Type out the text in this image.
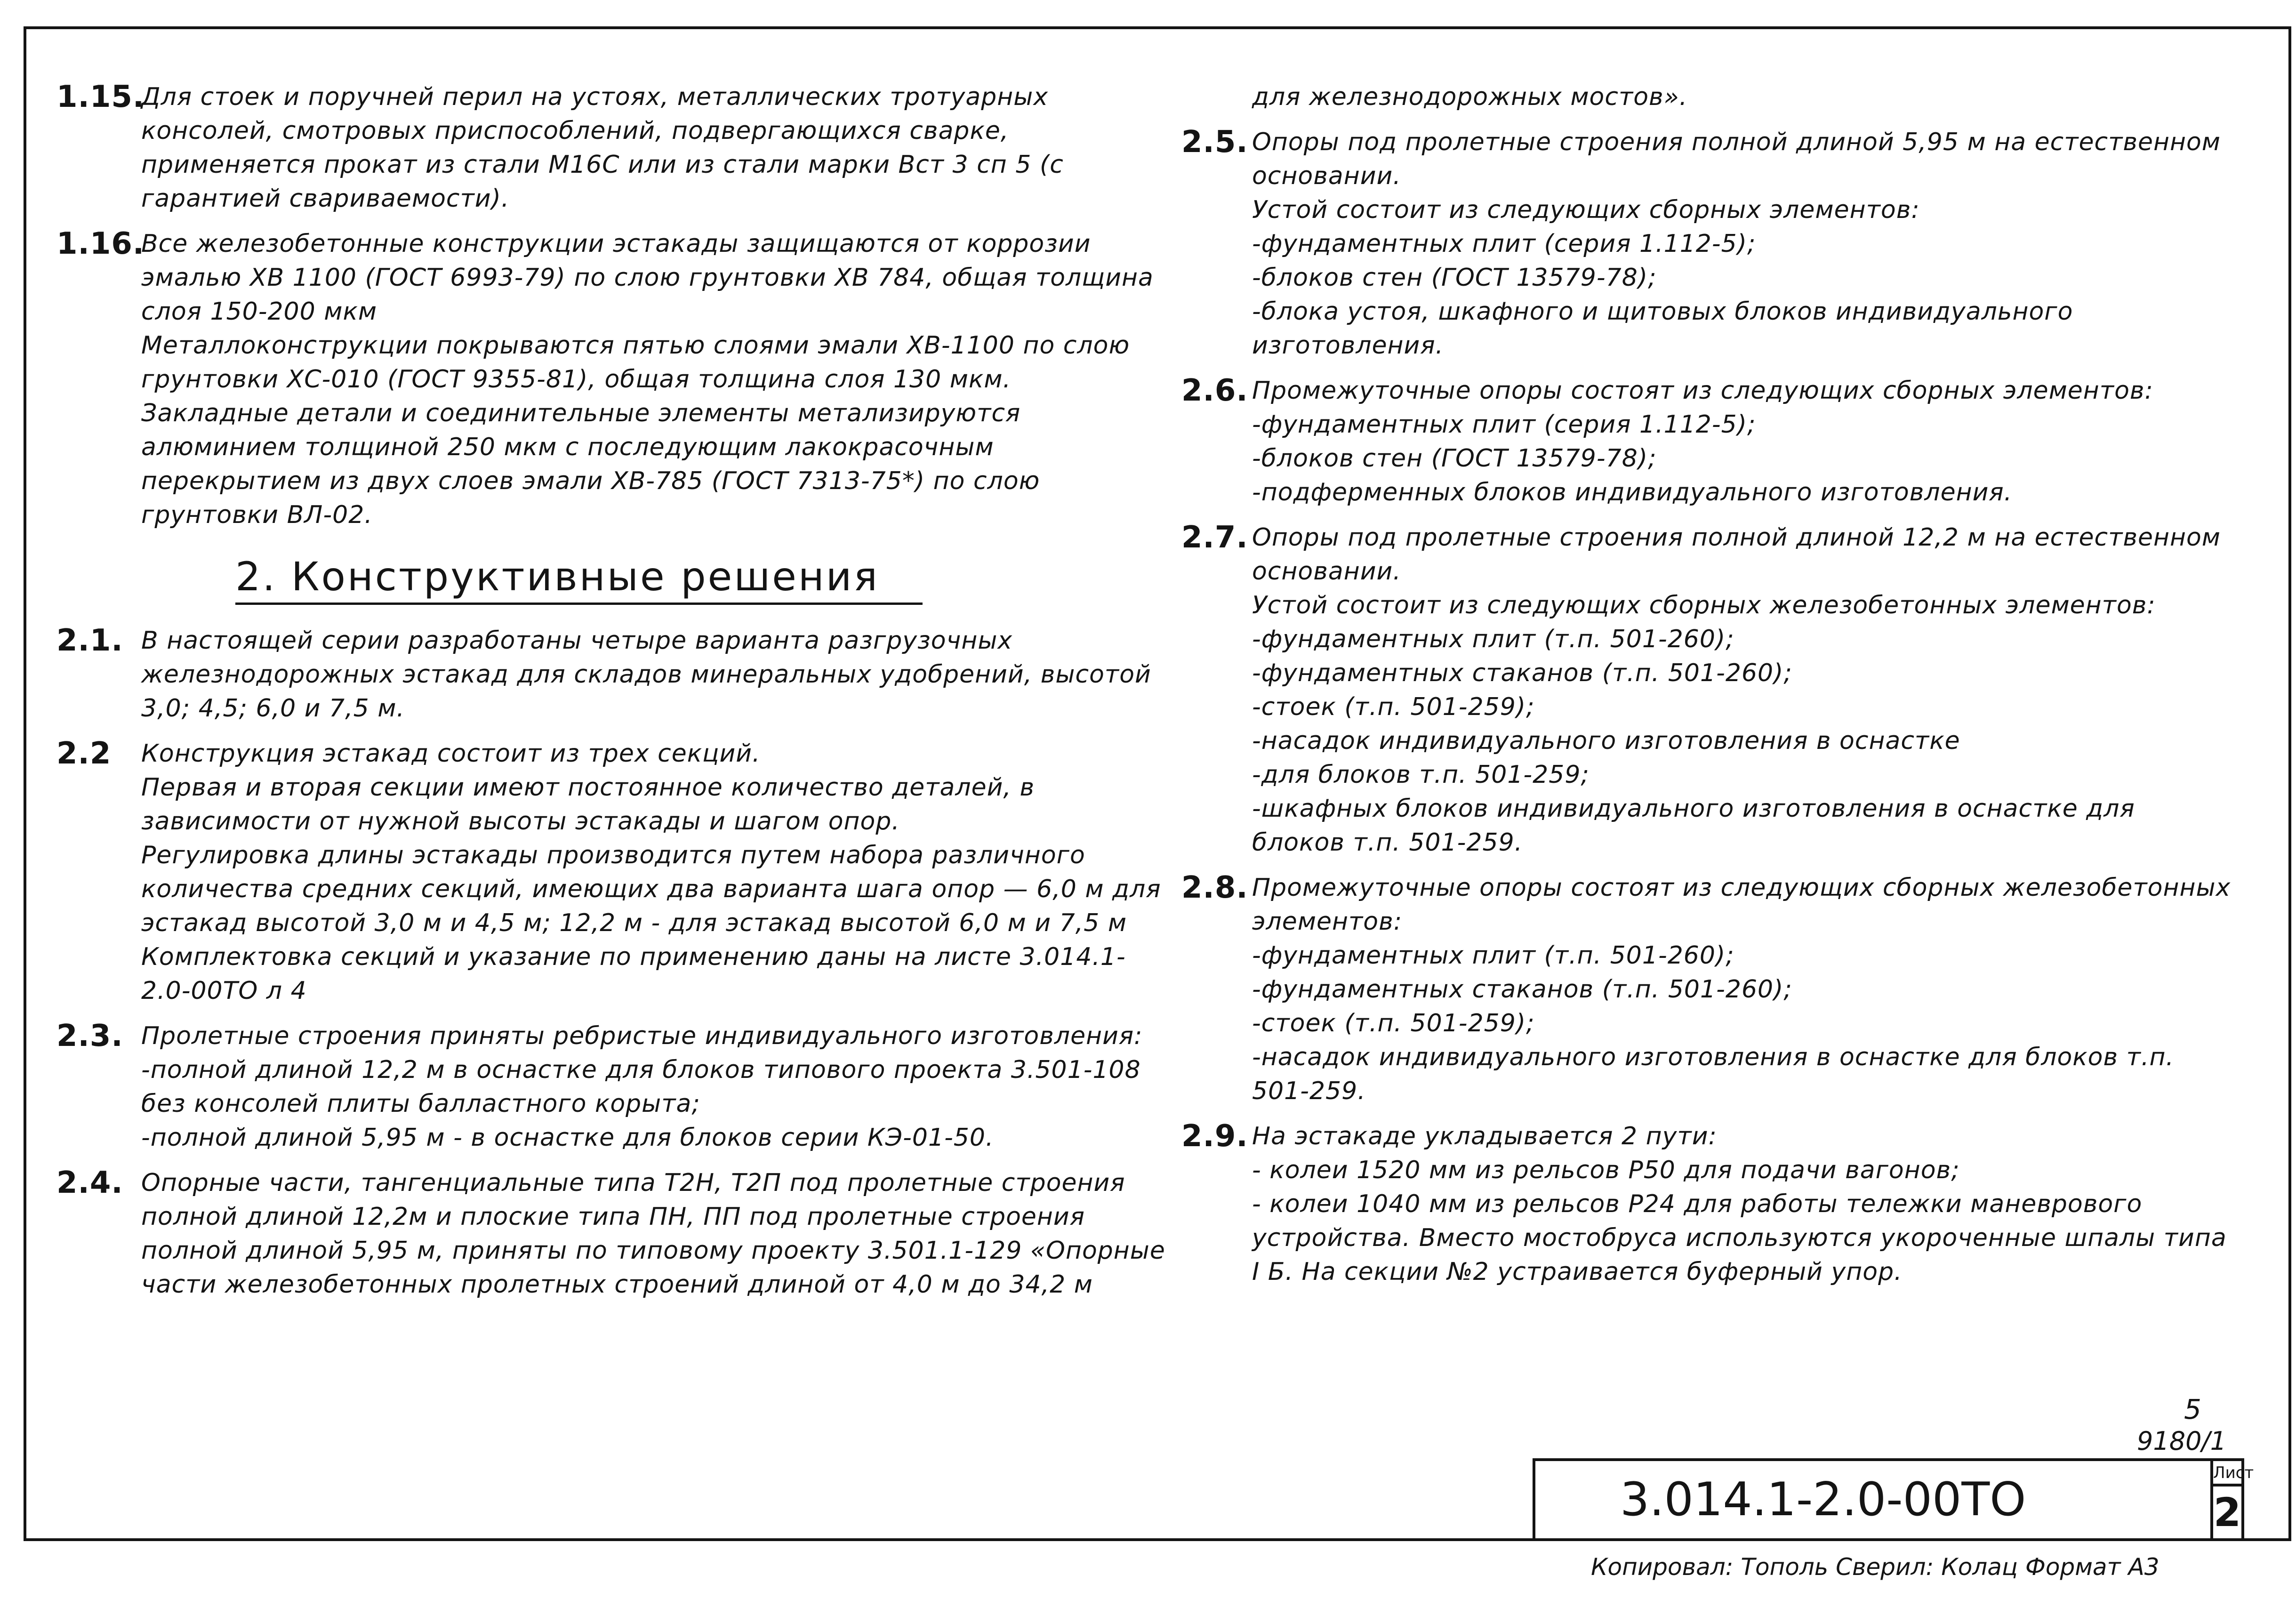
1.15.
Для стоек и поручней перил на устоях, металлических тротуарных консолей, смотровых приспособлений, подвергающихся сварке, применяется прокат из стали М16С или из стали марки Вст 3 сп 5 (с гарантией свариваемости).
1.16.
Все железобетонные конструкции эстакады защищаются от коррозии эмалью ХВ 1100 (ГОСТ 6993-79) по слою грунтовки ХВ 784, общая толщина слоя 150-200 мкм
Металлоконструкции покрываются пятью слоями эмали ХВ-1100 по слою грунтовки ХС-010 (ГОСТ 9355-81), общая толщина слоя 130 мкм.
Закладные детали и соединительные элементы метализируются алюминием толщиной 250 мкм с последующим лакокрасочным перекрытием из двух слоев эмали ХВ-785 (ГОСТ 7313-75*) по слою грунтовки ВЛ-02.
2. Конструктивные решения
2.1. В настоящей серии разработаны четыре варианта разгрузочных железнодорожных эстакад для складов минеральных удобрений, высотой 3,0; 4,5; 6,0 и 7,5 м.
2.2 Конструкция эстакад состоит из трех секций.
Первая и вторая секции имеют постоянное количество деталей, в зависимости от нужной высоты эстакады и шагом опор.
Регулировка длины эстакады производится путем набора различного количества средних секций, имеющих два варианта шага опор — 6,0 м для эстакад высотой 3,0 м и 4,5 м; 12,2 м - для эстакад высотой 6,0 м и 7,5 м
Комплектовка секций и указание по применению даны на листе 3.014.1-2.0-00ТО л 4
2.3. Пролетные строения приняты ребристые индивидуального изготовления:
-полной длиной 12,2 м в оснастке для блоков типового проекта 3.501-108 без консолей плиты балластного корыта;
-полной длиной 5,95 м - в оснастке для блоков серии КЭ-01-50.
2.4. Опорные части, тангенциальные типа Т2Н, Т2П под пролетные строения полной длиной 12,2м и плоские типа ПН, ПП под пролетные строения полной длиной 5,95 м, приняты по типовому проекту 3.501.1-129 «Опорные части железобетонных пролетных строений длиной от 4,0 м до 34,2 м
для железнодорожных мостов».
2.5. Опоры под пролетные строения полной длиной 5,95 м на естественном основании.
Устой состоит из следующих сборных элементов:
-фундаментных плит (серия 1.112-5);
-блоков стен (ГОСТ 13579-78);
-блока устоя, шкафного и щитовых блоков индивидуального изготовления.
2.6. Промежуточные опоры состоят из следующих сборных элементов:
-фундаментных плит (серия 1.112-5);
-блоков стен (ГОСТ 13579-78);
-подферменных блоков индивидуального изготовления.
2.7. Опоры под пролетные строения полной длиной 12,2 м на естественном основании.
Устой состоит из следующих сборных железобетонных элементов:
-фундаментных плит (т.п. 501-260);
-фундаментных стаканов (т.п. 501-260);
-стоек (т.п. 501-259);
-насадок индивидуального изготовления в оснастке
-для блоков т.п. 501-259;
-шкафных блоков индивидуального изготовления в оснастке для блоков т.п. 501-259.
2.8. Промежуточные опоры состоят из следующих сборных железобетонных элементов:
-фундаментных плит (т.п. 501-260);
-фундаментных стаканов (т.п. 501-260);
-стоек (т.п. 501-259);
-насадок индивидуального изготовления в оснастке для блоков т.п. 501-259.
2.9. На эстакаде укладывается 2 пути:
- колеи 1520 мм из рельсов Р50 для подачи вагонов;
- колеи 1040 мм из рельсов Р24 для работы тележки маневрового устройства. Вместо мостобруса используются укороченные шпалы типа I Б. На секции №2 устраивается буферный упор.
5
9180/1
3.014.1-2.0-00ТО	Лист
2
Копировал: Тополь Сверил: Колац Формат А3
